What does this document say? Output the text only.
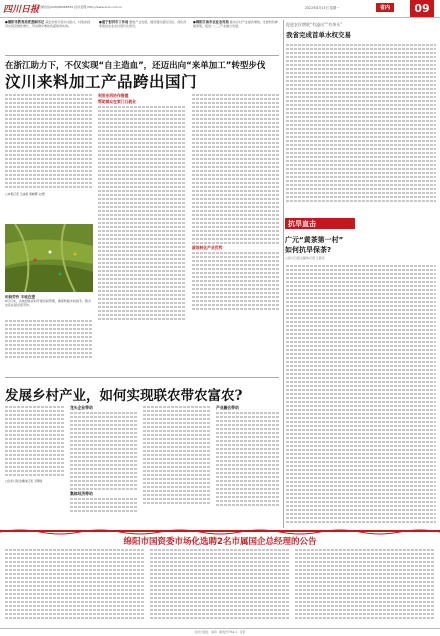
四川日报
新闻热线(028)86968552 投诉受理 http://www.scol.com.cn	2022年8月15日 星期一	省内	09
●德阳市教育局党委副书记 基层党建引领乡村振兴，村集体经济实现突破性增长，带动群众增收致富取得实效。
●遂宁射洪市工作局 聚焦产业发展，围绕强村富民目标，深化改革推进农业农村现代化建设。
●绵阳江油市农业农村局 推动乡村产业提质增效，发展特色种植养殖，促进一二三产业融合发展。
在浙江助力下，不仅实现“自主造血”，还迈出向“来单加工”转型步伐
汶川来料加工产品跨出国门
□本报记者 王成栋 胡晓娜 文/图
利用东西协作搭建
帮助群众在家门口就业
就地转化产业优势
田间劳作 丰收在望
8月以来，各地抢抓农时开展田间管理，确保秋粮丰收到手。图为农民在稻田里劳作。
发展乡村产业，如何实现联农带农富农?
□四川日报全媒体记者 王明峰
龙头企业带动
集体经济带动
产业融合带动
促进农民增收“有溢出”“有奔头”
我省完成首单水权交易
抗旱直击
广元“黄茶第一村”
如何抗旱保茶?
□四川日报全媒体记者 王眉灵
绵阳市国资委市场化选聘2名市属国企总经理的公告
四川日报社 · 承印 · 邮发代号61-1 · 定价
